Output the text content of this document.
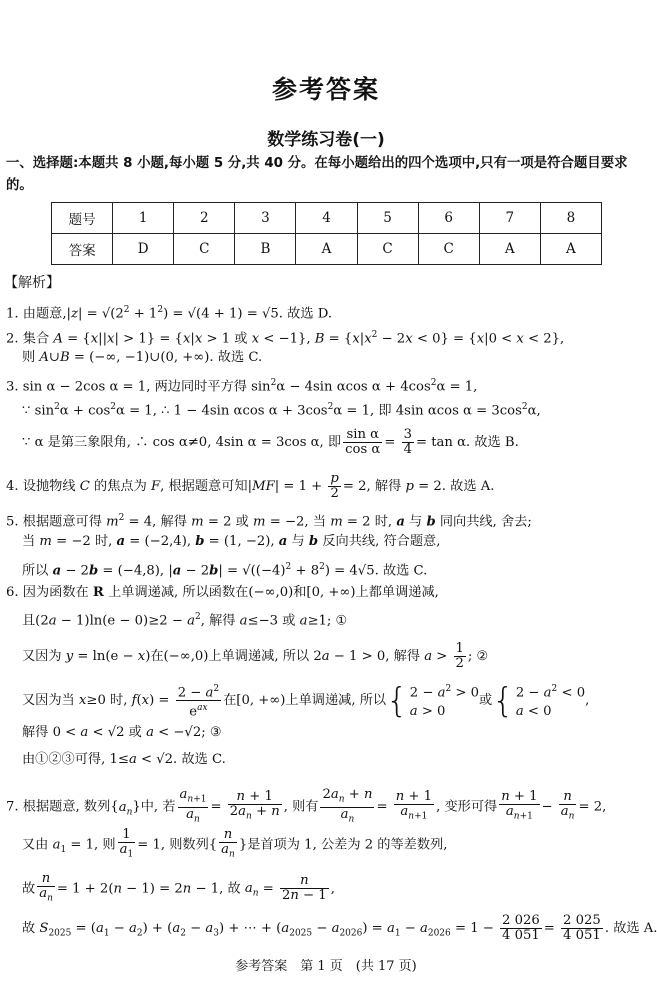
参考答案
数学练习卷(一)
一、选择题:本题共 8 小题,每小题 5 分,共 40 分。在每小题给出的四个选项中,只有一项是符合题目要求的。
题号	1	2	3	4	5	6	7	8
答案	D	C	B	A	C	C	A	A
【解析】
1. 由题意$,|z| = √(2^2 + 1^2) = √(4 + 1) = √5$. 故选 D.
2. 集合 A = {x||x| > 1} = {x|x > 1 或 x < −1}, $B = \{x|x^2 - 2x < 0\} = \{x|0 < x < 2\}$,
则 A∪B = (−∞, −1)∪(0, +∞). 故选 C.
3. sin α − 2cos α = 1, 两边同时平方得 $\sin^2\alpha - 4\sin$ αcos $\alpha + 4\cos^2\alpha = 1$,
∵ $\sin^2\alpha + \cos^2\alpha = 1$, ∴ 1 − 4sin αcos $\alpha + 3\cos^2\alpha = 1$, 即 4sin αcos $\alpha = 3\cos^2\alpha$,
∵ α 是第三象限角, ∴ cos α≠0, 4sin α = 3cos α, 即 $\frac{\text{sin α}}{\text{cos α}} = \frac{3}{4} = \tan \alpha$. 故选 B.
4. 设抛物线 C 的焦点为 F, 根据题意可知$|MF| = 1 + \frac{p}{2} = 2$, 解得 p = 2. 故选 A.
5. 根据题意可得 $m^2 = 4$, 解得 m = 2 或 m = −2, 当 m = 2 时, a 与 b 同向共线, 舍去;
当 m = −2 时, a = (−2,4), b = (1, −2), a 与 b 反向共线, 符合题意,
所以 a − 2b = (−4,8), $|a - 2b| = √((-4)^2 + 8^2) = 4√5$. 故选 C.
6. 因为函数在 R 上单调递减, 所以函数在(−∞,0)和[0, +∞)上都单调递减,
且$(2a - 1)\ln(e - 0)\ge 2 - a^2$, 解得 a≤−3 或 a≥1; ①
又因为 y = ln(e − x)在(−∞,0)上单调递减, 所以 2a − 1 > 0, 解得 $a > \frac{1}{2}$ ; ②
又因为当 x≥0 时, $f(x) = \frac{2 - a^2}{e^{ax}}$ 在[0, +∞)上单调递减, 所以{ $2 - a^2 > 0$
a > 0或{ $2 - a^2 < 0$
a < 0,
解得 0 < a < √2 或 a < −√2; ③
由①②③可得, 1≤a < √2. 故选 C.
7. 根据题意, 数列$\{a_n\}$中, 若 $\frac{a_{n+1}}{a_n} = \frac{n + 1}{2a_n + n}$ , 则有 $\frac{2a_n + n}{a_n} = \frac{n + 1}{a_{n+1}}$ , 变形可得 $\frac{n + 1}{a_{n+1}} - \frac{n}{a_n} = 2$,
又由 $a_1 = 1$, 则 $\frac{1}{a_1} = 1$, 则数列{ $\frac{n}{a_n}$ }是首项为 1, 公差为 2 的等差数列,
故 $\frac{n}{a_n} = 1 + 2(n - 1) = 2n - 1$, 故 $a_n = \frac{n}{2n - 1}$ ,
故 $S_{2025} = (a_1 - a_2) + (a_2 - a_3)$ + ⋯ + $(a_{2025} - a_{2026}) = a_1 - a_{2026} = 1 - \frac{2 026}{4 051} = \frac{2 025}{4 051}$ . 故选 A.
参考答案　第 1 页　(共 17 页)
